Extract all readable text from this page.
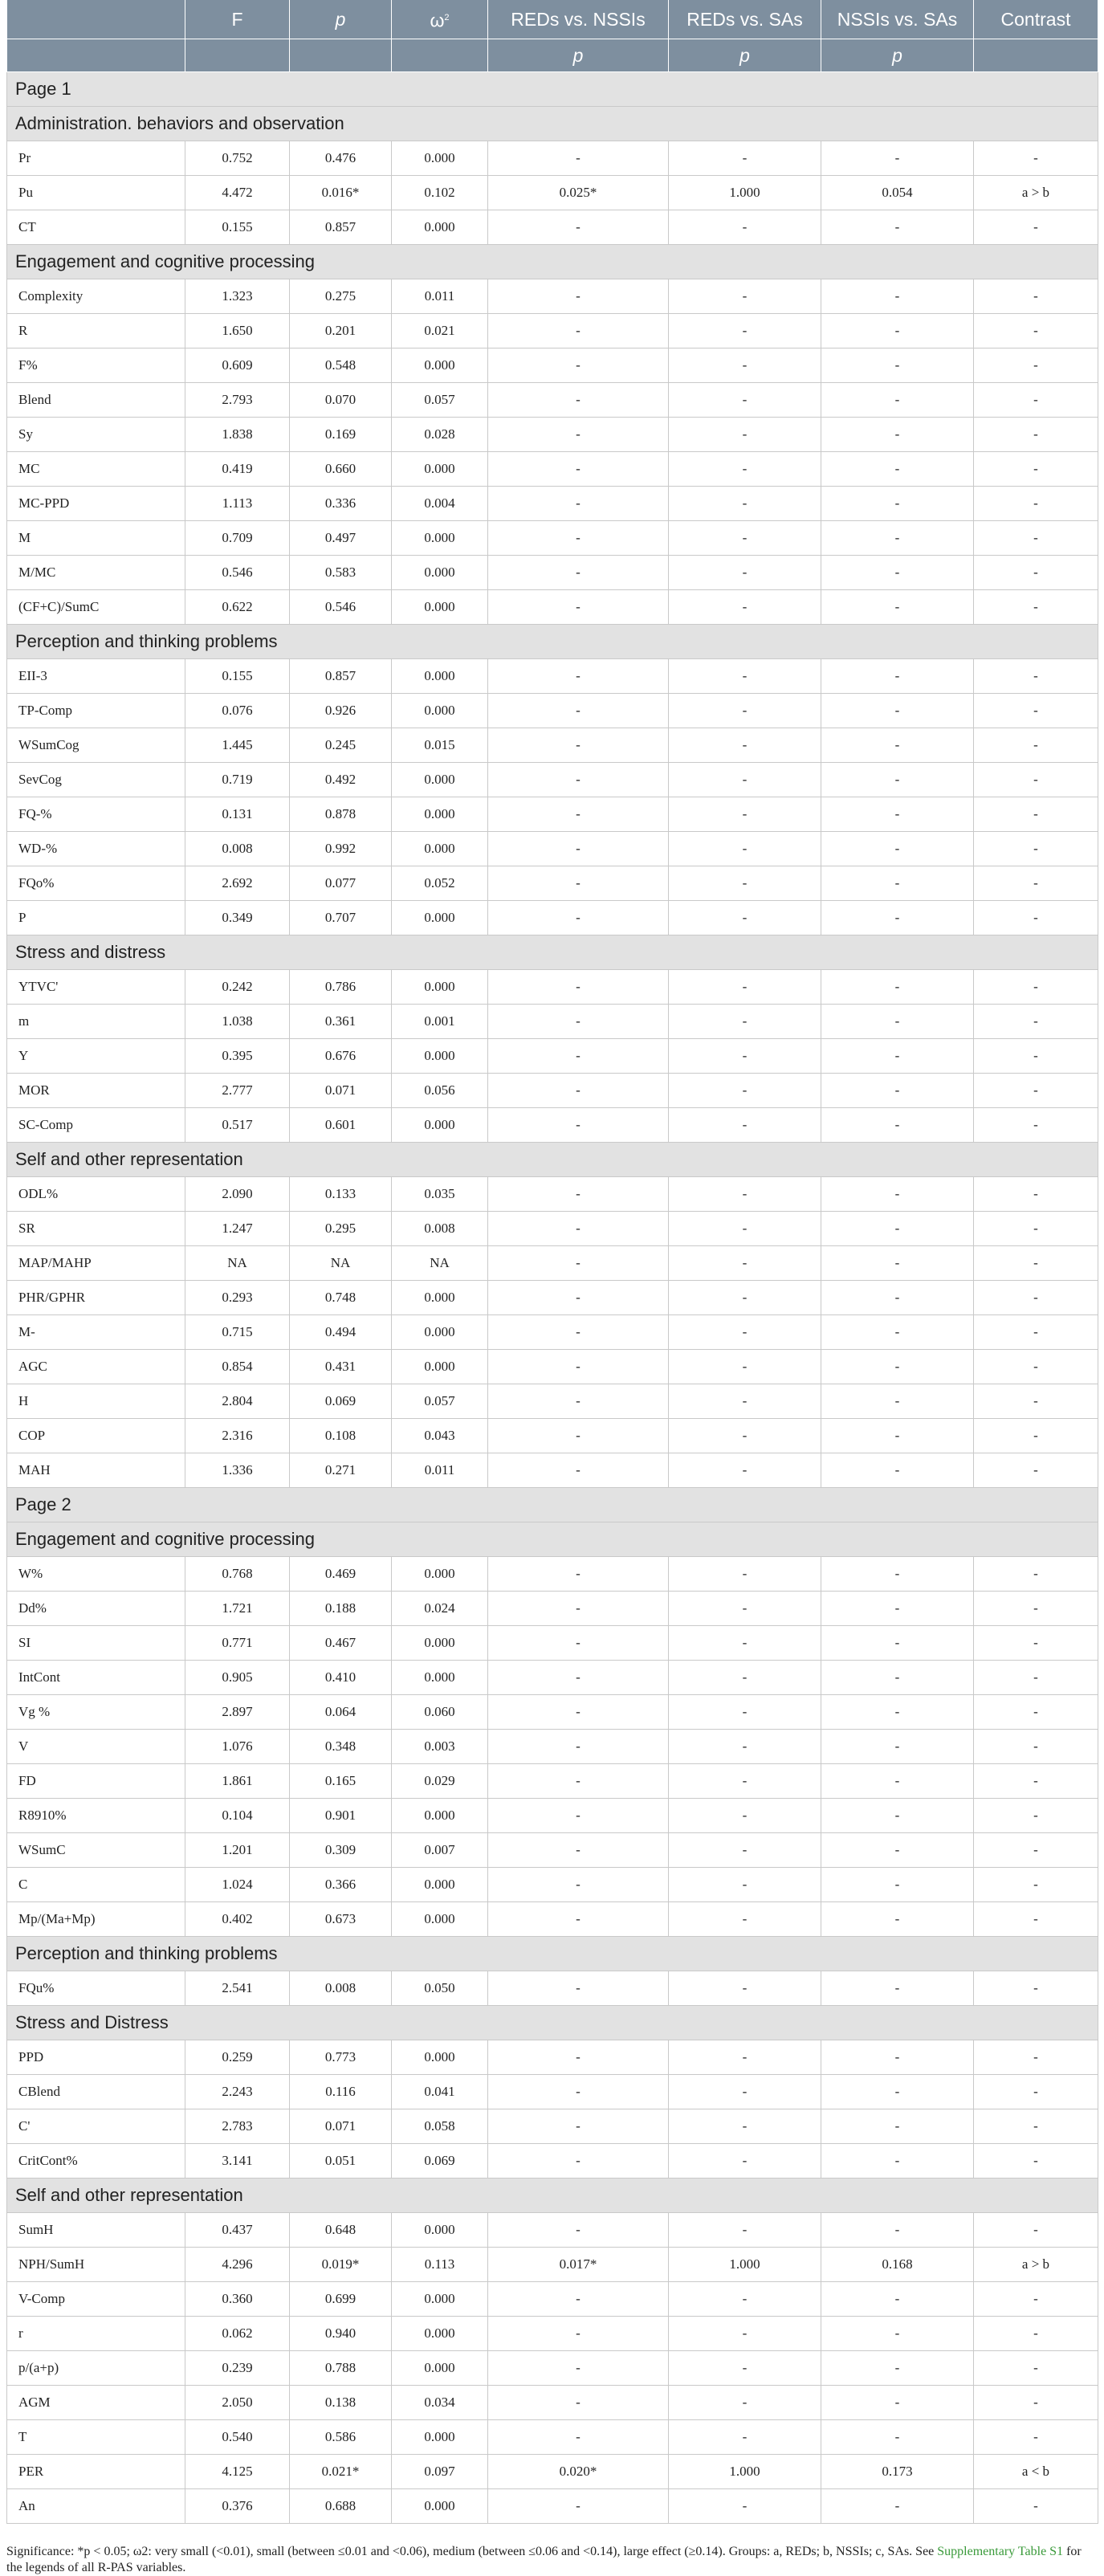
	F	p	$\omega^2$	REDs vs. NSSIs	REDs vs. SAs	NSSIs vs. SAs	Contrast
				p	p	p	
Page 1							
Administration. behaviors and observation							
Pr	0.752	0.476	0.000	-	-	-	-
Pu	4.472	0.016*	0.102	0.025*	1.000	0.054	a > b
CT	0.155	0.857	0.000	-	-	-	-
Engagement and cognitive processing							
Complexity	1.323	0.275	0.011	-	-	-	-
R	1.650	0.201	0.021	-	-	-	-
F%	0.609	0.548	0.000	-	-	-	-
Blend	2.793	0.070	0.057	-	-	-	-
Sy	1.838	0.169	0.028	-	-	-	-
MC	0.419	0.660	0.000	-	-	-	-
MC-PPD	1.113	0.336	0.004	-	-	-	-
M	0.709	0.497	0.000	-	-	-	-
M/MC	0.546	0.583	0.000	-	-	-	-
(CF+C)/SumC	0.622	0.546	0.000	-	-	-	-
Perception and thinking problems							
EII-3	0.155	0.857	0.000	-	-	-	-
TP-Comp	0.076	0.926	0.000	-	-	-	-
WSumCog	1.445	0.245	0.015	-	-	-	-
SevCog	0.719	0.492	0.000	-	-	-	-
FQ-%	0.131	0.878	0.000	-	-	-	-
WD-%	0.008	0.992	0.000	-	-	-	-
FQo%	2.692	0.077	0.052	-	-	-	-
P	0.349	0.707	0.000	-	-	-	-
Stress and distress							
YTVC'	0.242	0.786	0.000	-	-	-	-
m	1.038	0.361	0.001	-	-	-	-
Y	0.395	0.676	0.000	-	-	-	-
MOR	2.777	0.071	0.056	-	-	-	-
SC-Comp	0.517	0.601	0.000	-	-	-	-
Self and other representation							
ODL%	2.090	0.133	0.035	-	-	-	-
SR	1.247	0.295	0.008	-	-	-	-
MAP/MAHP	NA	NA	NA	-	-	-	-
PHR/GPHR	0.293	0.748	0.000	-	-	-	-
M-	0.715	0.494	0.000	-	-	-	-
AGC	0.854	0.431	0.000	-	-	-	-
H	2.804	0.069	0.057	-	-	-	-
COP	2.316	0.108	0.043	-	-	-	-
MAH	1.336	0.271	0.011	-	-	-	-
Page 2							
Engagement and cognitive processing							
W%	0.768	0.469	0.000	-	-	-	-
Dd%	1.721	0.188	0.024	-	-	-	-
SI	0.771	0.467	0.000	-	-	-	-
IntCont	0.905	0.410	0.000	-	-	-	-
Vg %	2.897	0.064	0.060	-	-	-	-
V	1.076	0.348	0.003	-	-	-	-
FD	1.861	0.165	0.029	-	-	-	-
R8910%	0.104	0.901	0.000	-	-	-	-
WSumC	1.201	0.309	0.007	-	-	-	-
C	1.024	0.366	0.000	-	-	-	-
Mp/(Ma+Mp)	0.402	0.673	0.000	-	-	-	-
Perception and thinking problems							
FQu%	2.541	0.008	0.050	-	-	-	-
Stress and Distress							
PPD	0.259	0.773	0.000	-	-	-	-
CBlend	2.243	0.116	0.041	-	-	-	-
C'	2.783	0.071	0.058	-	-	-	-
CritCont%	3.141	0.051	0.069	-	-	-	-
Self and other representation							
SumH	0.437	0.648	0.000	-	-	-	-
NPH/SumH	4.296	0.019*	0.113	0.017*	1.000	0.168	a > b
V-Comp	0.360	0.699	0.000	-	-	-	-
r	0.062	0.940	0.000	-	-	-	-
p/(a+p)	0.239	0.788	0.000	-	-	-	-
AGM	2.050	0.138	0.034	-	-	-	-
T	0.540	0.586	0.000	-	-	-	-
PER	4.125	0.021*	0.097	0.020*	1.000	0.173	a < b
An	0.376	0.688	0.000	-	-	-	-
Significance: *p < 0.05; ω2: very small (<0.01), small (between ≤0.01 and <0.06), medium (between ≤0.06 and <0.14), large effect (≥0.14). Groups: a, REDs; b, NSSIs; c, SAs. See Supplementary Table S1 for the legends of all R-PAS variables.
